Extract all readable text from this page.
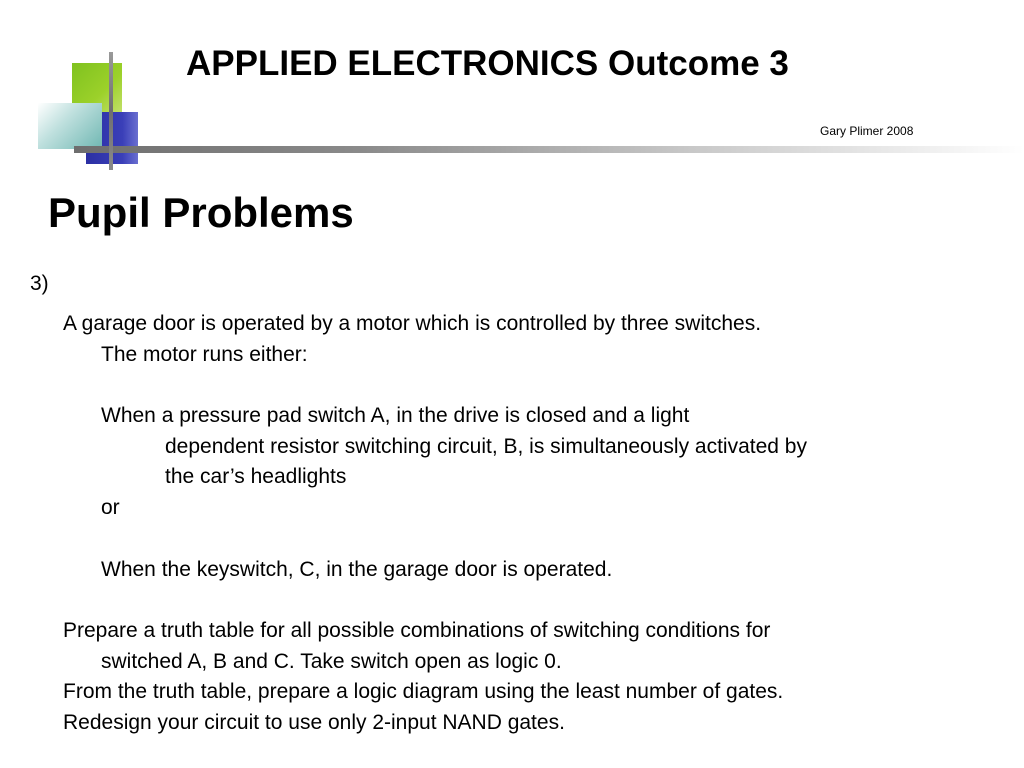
APPLIED ELECTRONICS Outcome 3
Gary Plimer 2008
Pupil Problems
3)
A garage door is operated by a motor which is controlled by three switches.
The motor runs either:
When a pressure pad switch A, in the drive is closed and a light
dependent resistor switching circuit, B, is simultaneously activated by
the car’s headlights
or
When the keyswitch, C, in the garage door is operated.
Prepare a truth table for all possible combinations of switching conditions for
switched A, B and C. Take switch open as logic 0.
From the truth table, prepare a logic diagram using the least number of gates.
Redesign your circuit to use only 2-input NAND gates.
